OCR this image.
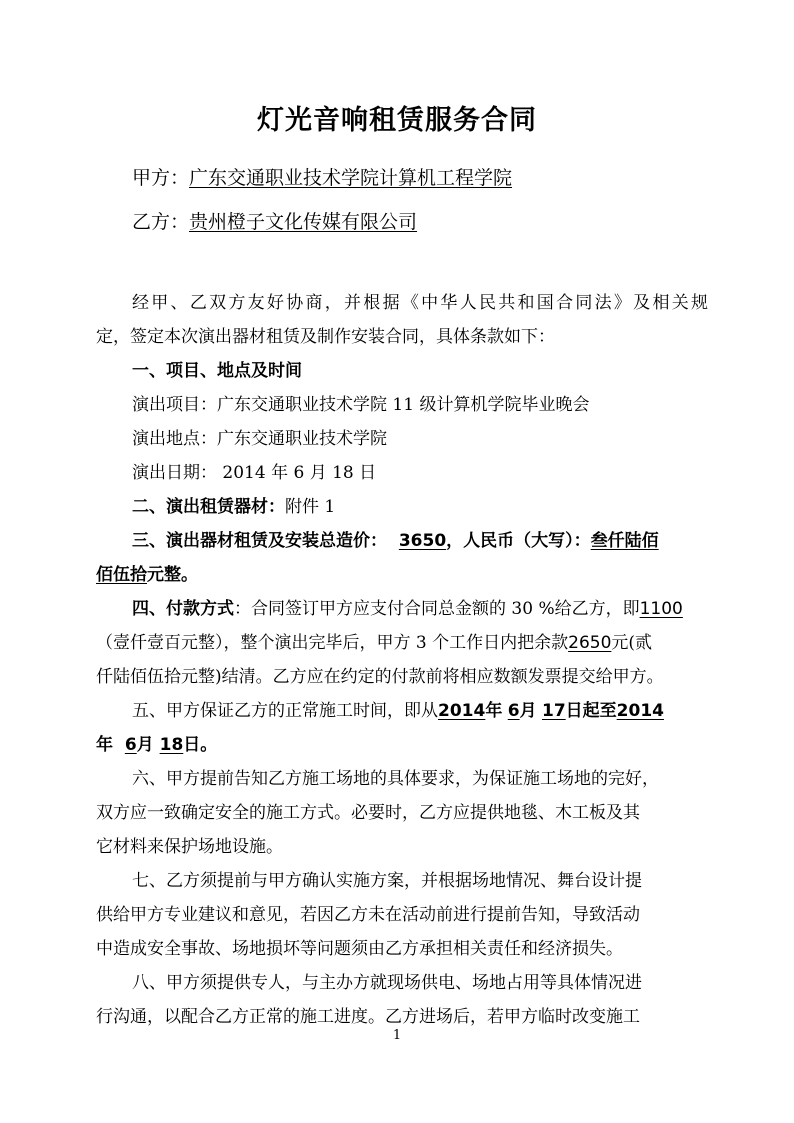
灯光音响租赁服务合同
甲方：广东交通职业技术学院计算机工程学院
乙方：贵州橙子文化传媒有限公司
经甲、乙双方友好协商，并根据《中华人民共和国合同法》及相关规
定，签定本次演出器材租赁及制作安装合同，具体条款如下：
一、项目、地点及时间
演出项目：广东交通职业技术学院 11 级计算机学院毕业晚会
演出地点：广东交通职业技术学院
演出日期： 2014 年 6 月 18 日
二、演出租赁器材：附件 1
三、演出器材租赁及安装总造价： 3650，人民币（大写）：叁仟陆佰
佰伍拾元整。
四、付款方式：合同签订甲方应支付合同总金额的 30 %给乙方，即1100
（壹仟壹百元整），整个演出完毕后，甲方 3 个工作日内把余款2650元(贰
仟陆佰伍拾元整)结清。乙方应在约定的付款前将相应数额发票提交给甲方。
五、甲方保证乙方的正常施工时间，即从2014年 6月 17日起至2014
年 6月 18日。
六、甲方提前告知乙方施工场地的具体要求，为保证施工场地的完好，
双方应一致确定安全的施工方式。必要时，乙方应提供地毯、木工板及其
它材料来保护场地设施。
七、乙方须提前与甲方确认实施方案，并根据场地情况、舞台设计提
供给甲方专业建议和意见，若因乙方未在活动前进行提前告知，导致活动
中造成安全事故、场地损坏等问题须由乙方承担相关责任和经济损失。
八、甲方须提供专人，与主办方就现场供电、场地占用等具体情况进
行沟通，以配合乙方正常的施工进度。乙方进场后，若甲方临时改变施工
1
